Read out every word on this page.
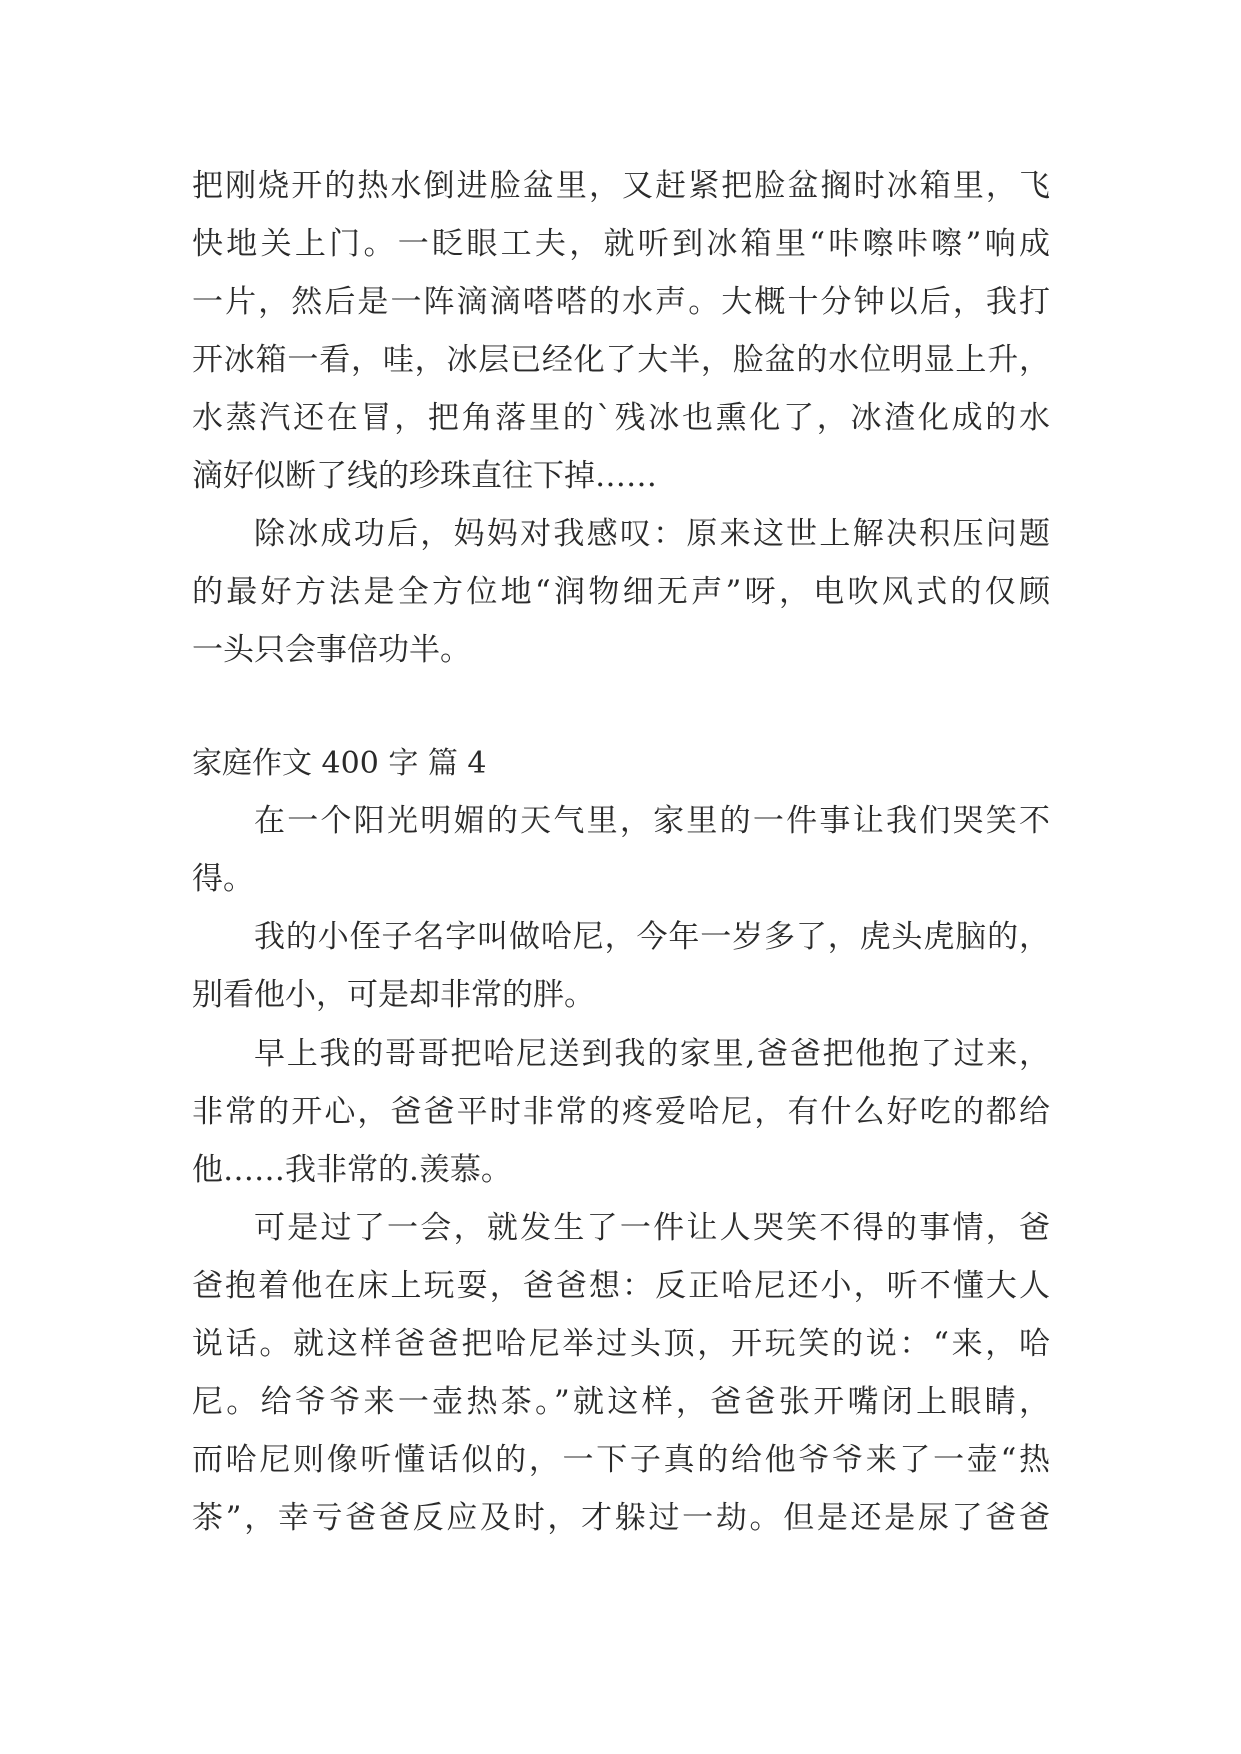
把刚烧开的热水倒进脸盆里，又赶紧把脸盆搁时冰箱里，飞
快地关上门。一眨眼工夫，就听到冰箱里“咔嚓咔嚓”响成
一片，然后是一阵滴滴嗒嗒的水声。大概十分钟以后，我打
开冰箱一看，哇，冰层已经化了大半，脸盆的水位明显上升，
水蒸汽还在冒，把角落里的`残冰也熏化了，冰渣化成的水
滴好似断了线的珍珠直往下掉……
除冰成功后，妈妈对我感叹：原来这世上解决积压问题
的最好方法是全方位地“润物细无声”呀，电吹风式的仅顾
一头只会事倍功半。
家庭作文 400 字 篇 4
在一个阳光明媚的天气里，家里的一件事让我们哭笑不
得。
我的小侄子名字叫做哈尼，今年一岁多了，虎头虎脑的，
别看他小，可是却非常的胖。
早上我的哥哥把哈尼送到我的家里,爸爸把他抱了过来，
非常的开心，爸爸平时非常的疼爱哈尼，有什么好吃的都给
他……我非常的.羡慕。
可是过了一会，就发生了一件让人哭笑不得的事情，爸
爸抱着他在床上玩耍，爸爸想：反正哈尼还小，听不懂大人
说话。就这样爸爸把哈尼举过头顶，开玩笑的说：“来，哈
尼。给爷爷来一壶热茶。”就这样，爸爸张开嘴闭上眼睛，
而哈尼则像听懂话似的，一下子真的给他爷爷来了一壶“热
茶”，幸亏爸爸反应及时，才躲过一劫。但是还是尿了爸爸
